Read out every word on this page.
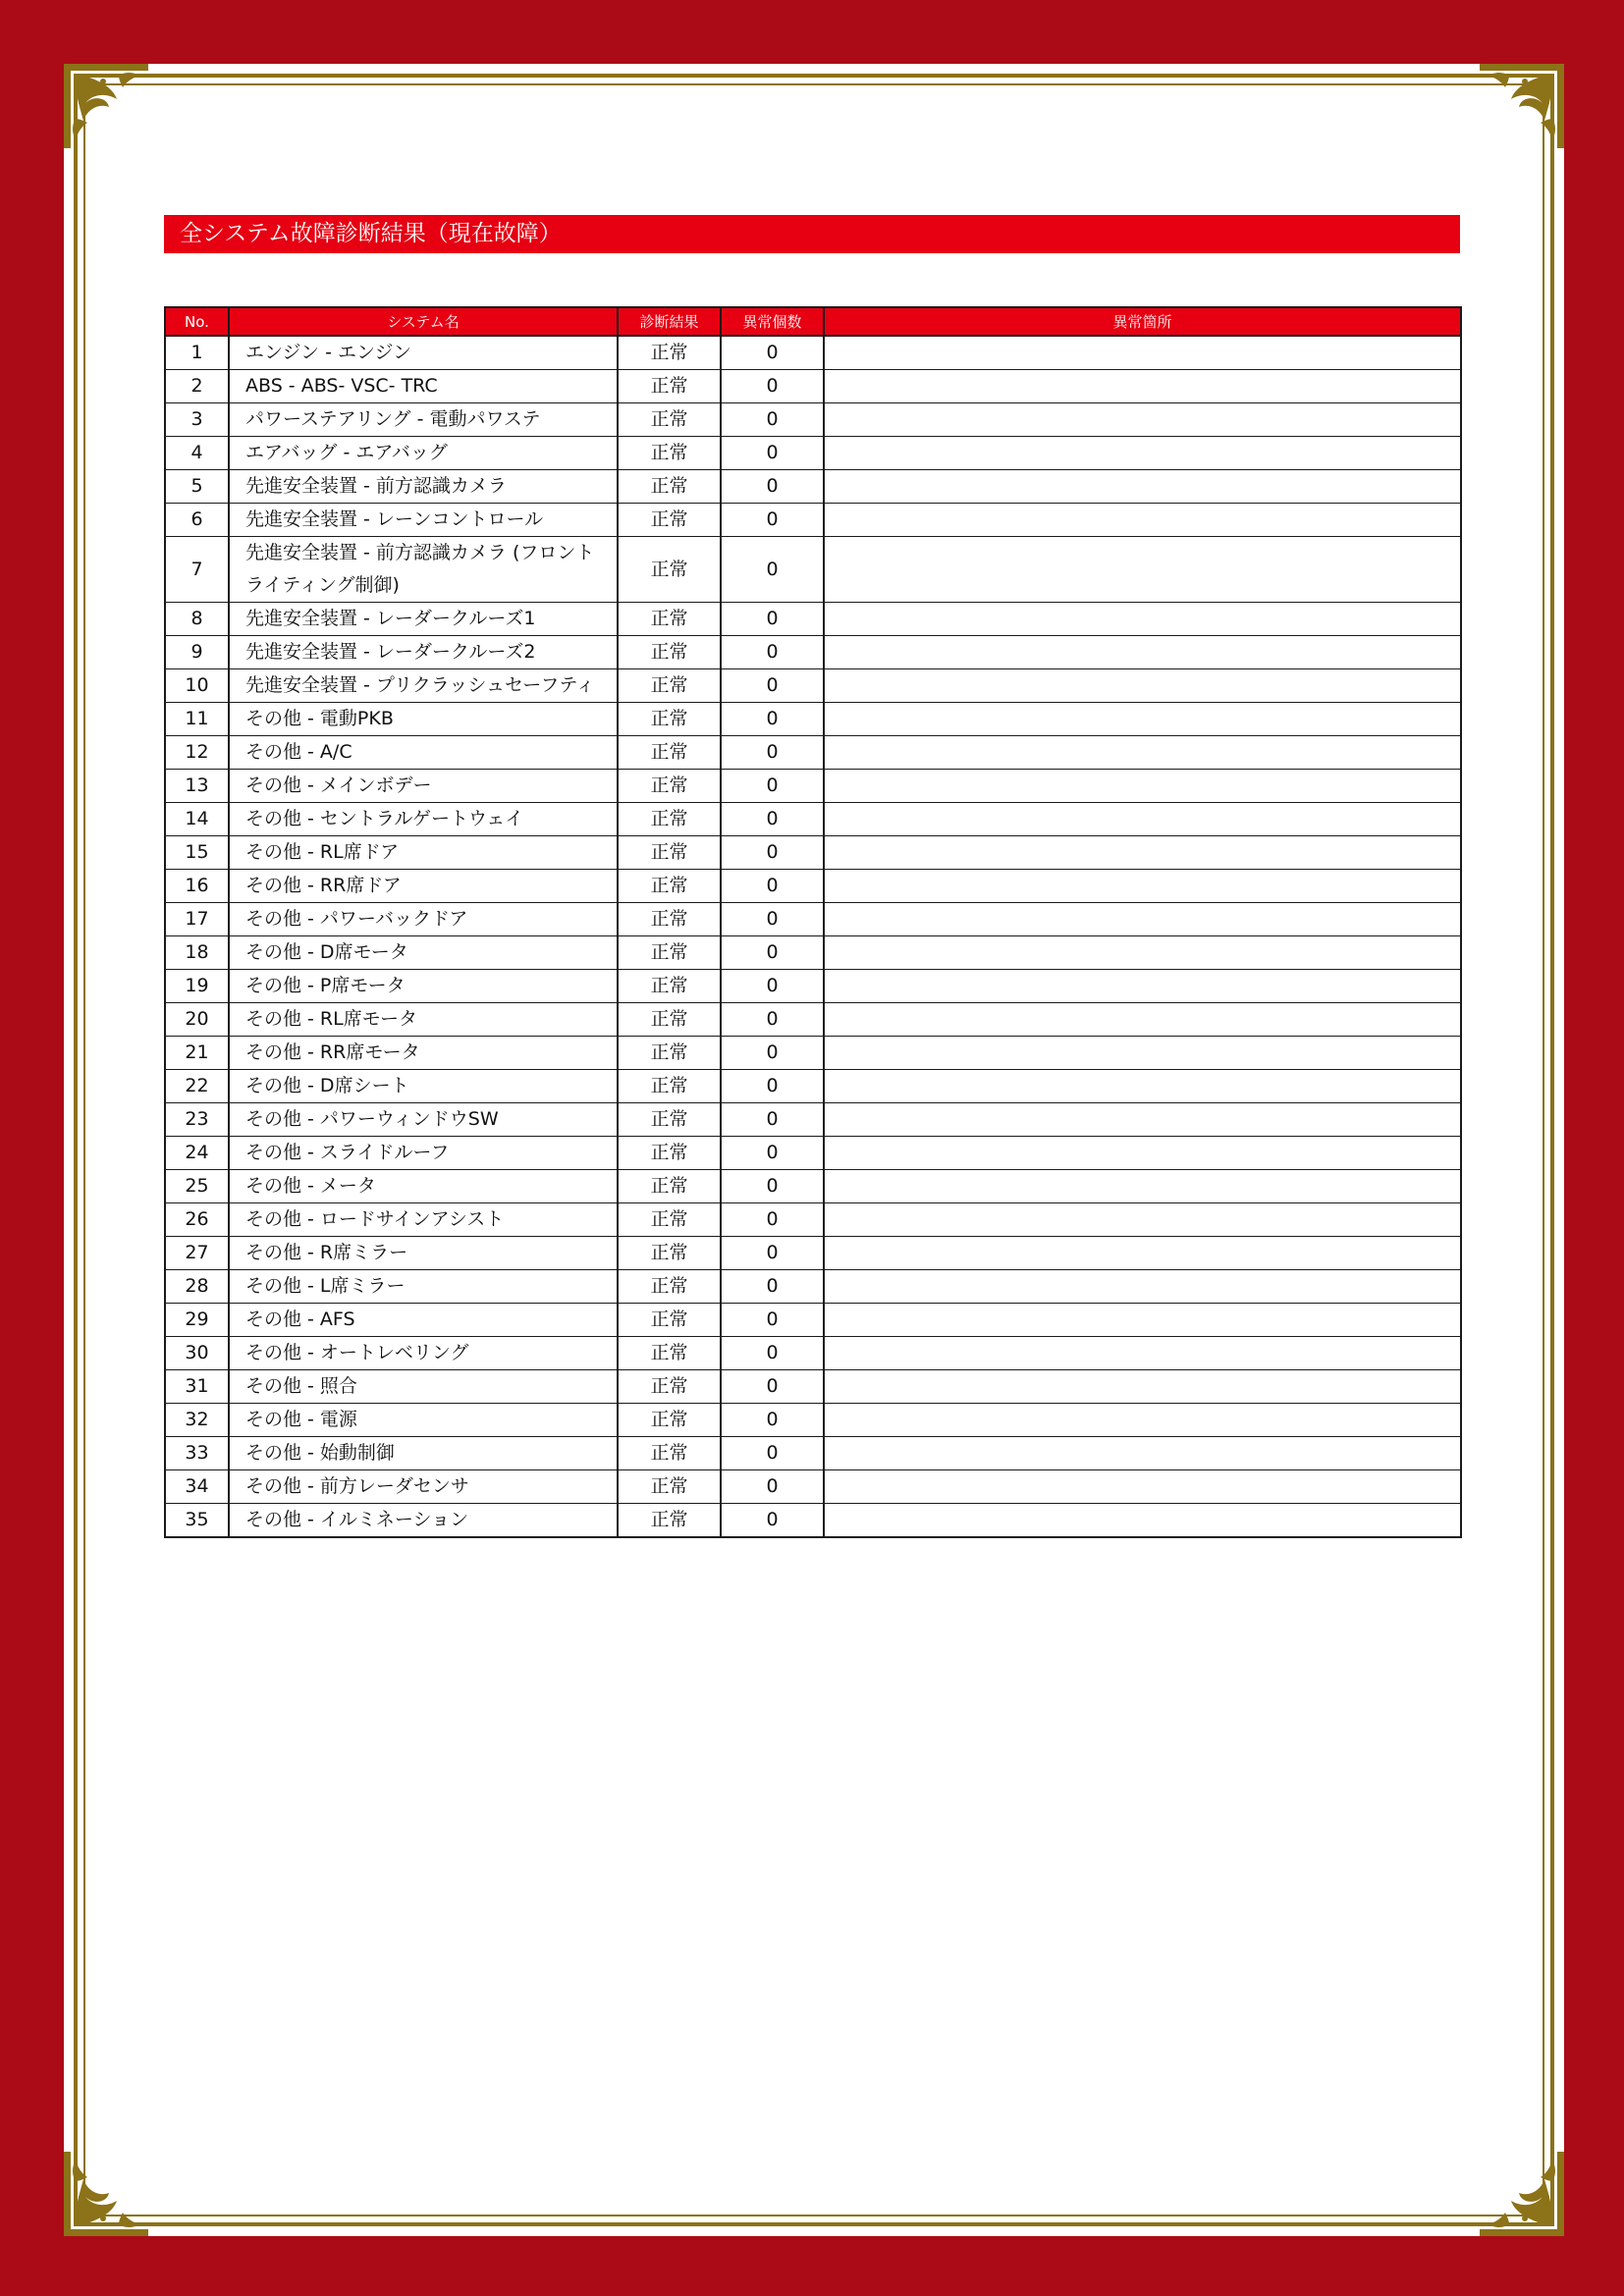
全システム故障診断結果（現在故障）
No.	システム名	診断結果	異常個数	異常箇所
1	エンジン - エンジン	正常	0	
2	ABS - ABS- VSC- TRC	正常	0	
3	パワーステアリング - 電動パワステ	正常	0	
4	エアバッグ - エアバッグ	正常	0	
5	先進安全装置 - 前方認識カメラ	正常	0	
6	先進安全装置 - レーンコントロール	正常	0	
7	先進安全装置 - 前方認識カメラ (フロントライティング制御)	正常	0	
8	先進安全装置 - レーダークルーズ1	正常	0	
9	先進安全装置 - レーダークルーズ2	正常	0	
10	先進安全装置 - プリクラッシュセーフティ	正常	0	
11	その他 - 電動PKB	正常	0	
12	その他 - A/C	正常	0	
13	その他 - メインボデー	正常	0	
14	その他 - セントラルゲートウェイ	正常	0	
15	その他 - RL席ドア	正常	0	
16	その他 - RR席ドア	正常	0	
17	その他 - パワーバックドア	正常	0	
18	その他 - D席モータ	正常	0	
19	その他 - P席モータ	正常	0	
20	その他 - RL席モータ	正常	0	
21	その他 - RR席モータ	正常	0	
22	その他 - D席シート	正常	0	
23	その他 - パワーウィンドウSW	正常	0	
24	その他 - スライドルーフ	正常	0	
25	その他 - メータ	正常	0	
26	その他 - ロードサインアシスト	正常	0	
27	その他 - R席ミラー	正常	0	
28	その他 - L席ミラー	正常	0	
29	その他 - AFS	正常	0	
30	その他 - オートレベリング	正常	0	
31	その他 - 照合	正常	0	
32	その他 - 電源	正常	0	
33	その他 - 始動制御	正常	0	
34	その他 - 前方レーダセンサ	正常	0	
35	その他 - イルミネーション	正常	0	
